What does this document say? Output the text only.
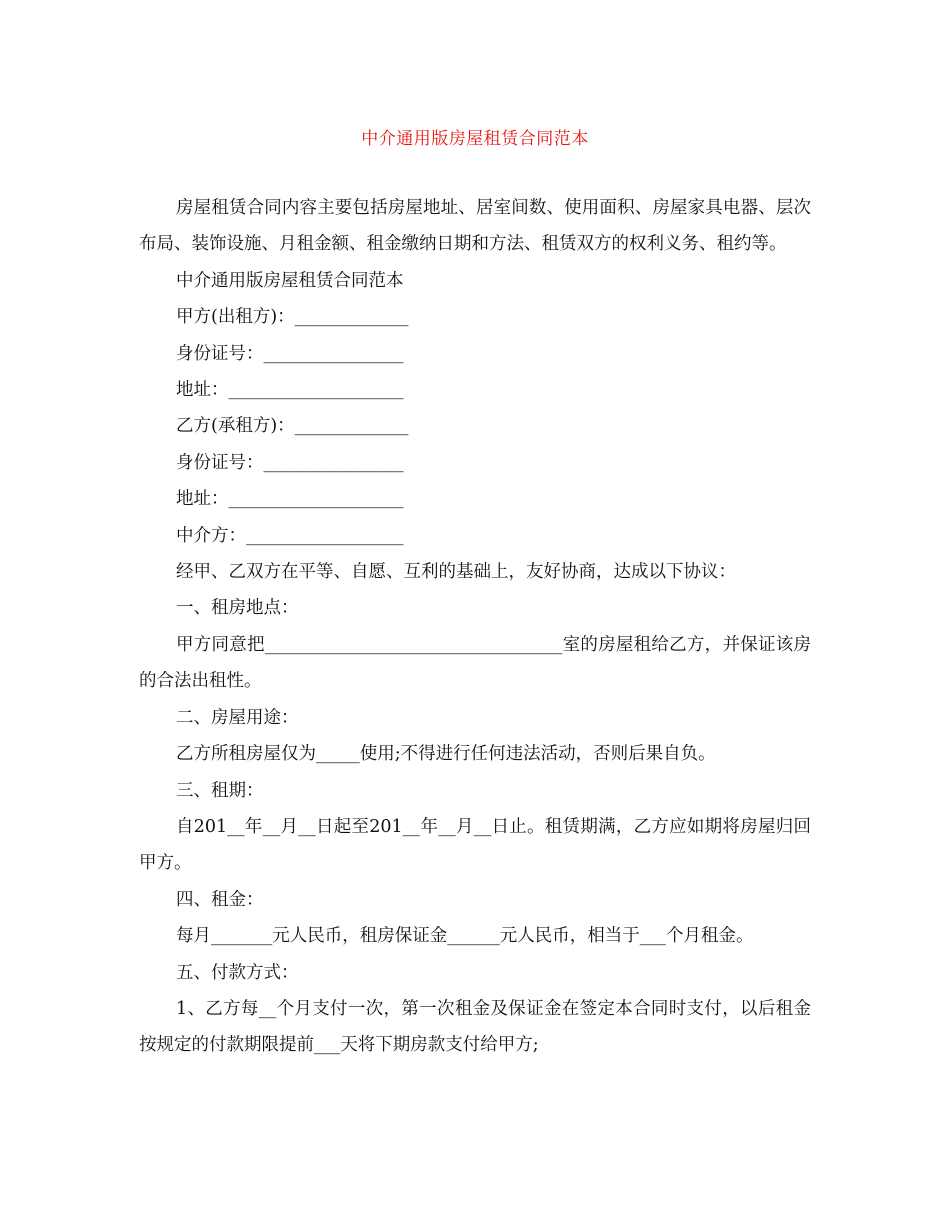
中介通用版房屋租赁合同范本

房屋租赁合同内容主要包括房屋地址、居室间数、使用面积、房屋家具电器、层次布局、装饰设施、月租金额、租金缴纳日期和方法、租赁双方的权利义务、租约等。

中介通用版房屋租赁合同范本

甲方(出租方)：_____________

身份证号：________________

地址：____________________

乙方(承租方)：_____________

身份证号：________________

地址：____________________

中介方：__________________

经甲、乙双方在平等、自愿、互利的基础上，友好协商，达成以下协议：

一、租房地点：

甲方同意把__________________________________室的房屋租给乙方，并保证该房的合法出租性。

二、房屋用途：

乙方所租房屋仅为_____使用;不得进行任何违法活动，否则后果自负。

三、租期：

自201__年__月__日起至201__年__月__日止。租赁期满，乙方应如期将房屋归回甲方。

四、租金：

每月_______元人民币，租房保证金______元人民币，相当于___个月租金。

五、付款方式：

1、乙方每__个月支付一次，第一次租金及保证金在签定本合同时支付，以后租金按规定的付款期限提前___天将下期房款支付给甲方;
